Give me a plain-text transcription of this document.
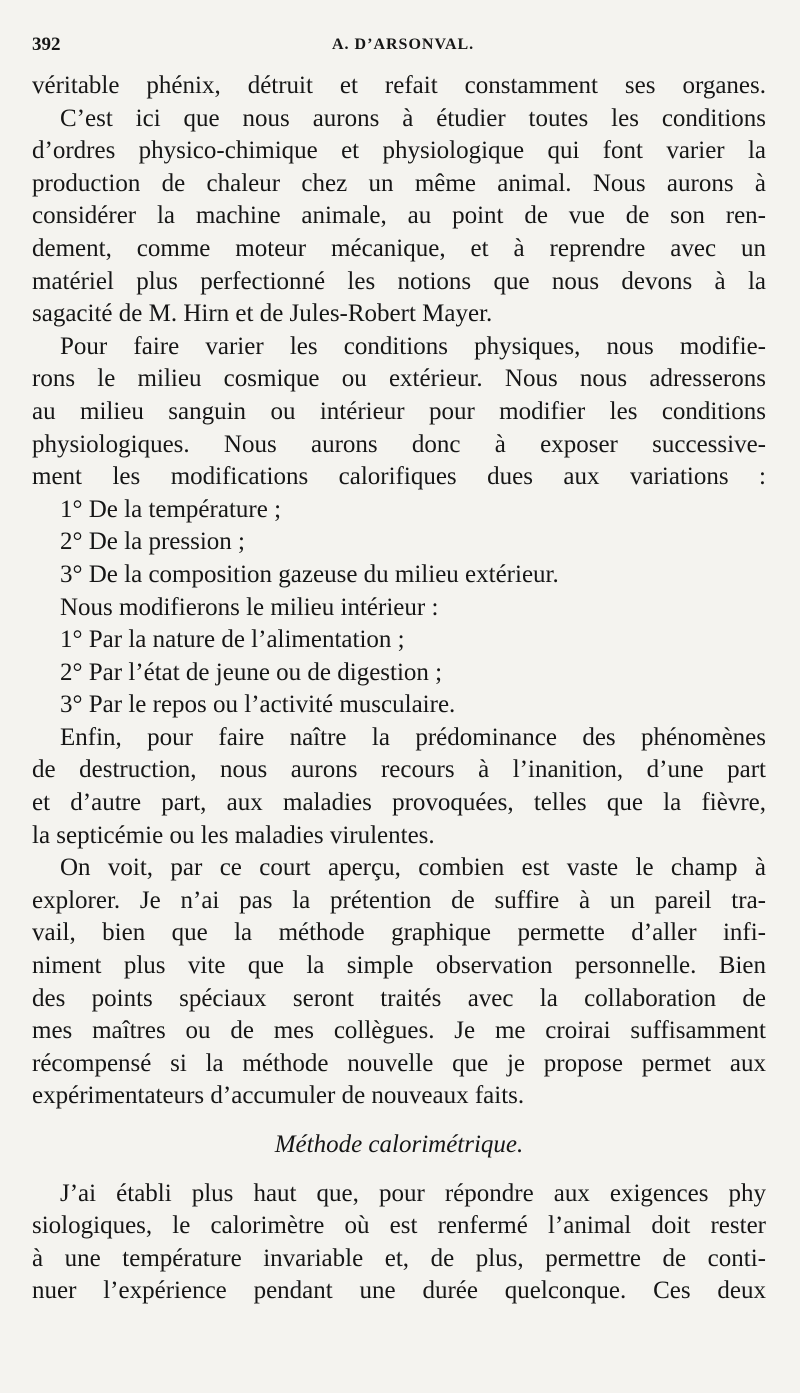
392	A. D’ARSONVAL.
véritable phénix, détruit et refait constamment ses organes.
C’est ici que nous aurons à étudier toutes les conditions
d’ordres physico-chimique et physiologique qui font varier la
production de chaleur chez un même animal. Nous aurons à
considérer la machine animale, au point de vue de son ren-
dement, comme moteur mécanique, et à reprendre avec un
matériel plus perfectionné les notions que nous devons à la
sagacité de M. Hirn et de Jules-Robert Mayer.
Pour faire varier les conditions physiques, nous modifie-
rons le milieu cosmique ou extérieur. Nous nous adresserons
au milieu sanguin ou intérieur pour modifier les conditions
physiologiques. Nous aurons donc à exposer successive-
ment les modifications calorifiques dues aux variations :
1° De la température ;
2° De la pression ;
3° De la composition gazeuse du milieu extérieur.
Nous modifierons le milieu intérieur :
1° Par la nature de l’alimentation ;
2° Par l’état de jeune ou de digestion ;
3° Par le repos ou l’activité musculaire.
Enfin, pour faire naître la prédominance des phénomènes
de destruction, nous aurons recours à l’inanition, d’une part
et d’autre part, aux maladies provoquées, telles que la fièvre,
la septicémie ou les maladies virulentes.
On voit, par ce court aperçu, combien est vaste le champ à
explorer. Je n’ai pas la prétention de suffire à un pareil tra-
vail, bien que la méthode graphique permette d’aller infi-
niment plus vite que la simple observation personnelle. Bien
des points spéciaux seront traités avec la collaboration de
mes maîtres ou de mes collègues. Je me croirai suffisamment
récompensé si la méthode nouvelle que je propose permet aux
expérimentateurs d’accumuler de nouveaux faits.
Méthode calorimétrique.
J’ai établi plus haut que, pour répondre aux exigences phy
siologiques, le calorimètre où est renfermé l’animal doit rester
à une température invariable et, de plus, permettre de conti-
nuer l’expérience pendant une durée quelconque. Ces deux
